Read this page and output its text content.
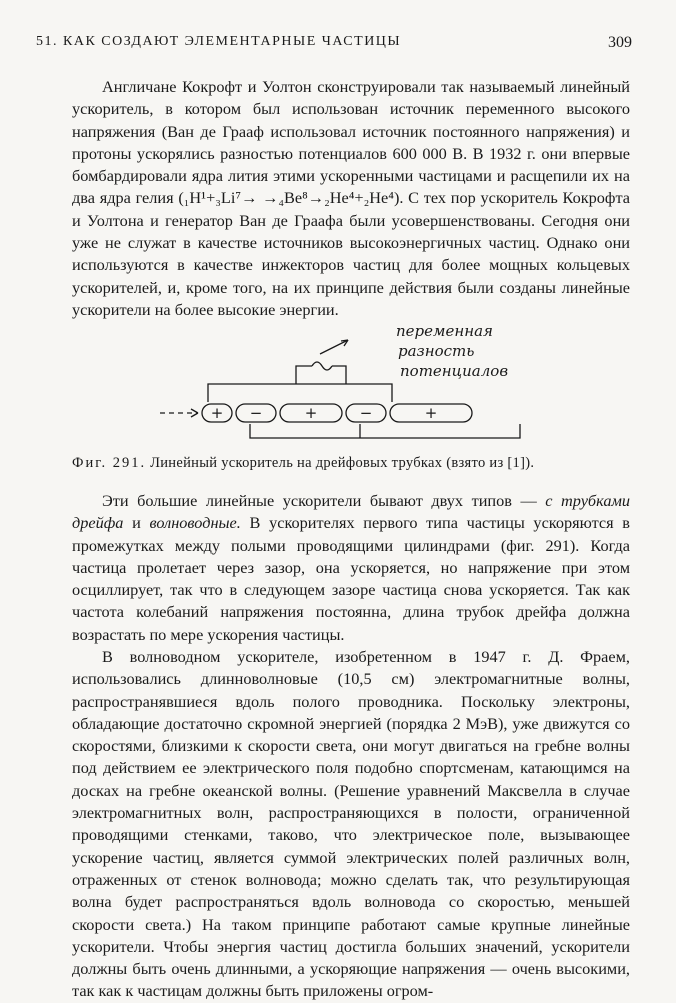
51. КАК СОЗДАЮТ ЭЛЕМЕНТАРНЫЕ ЧАСТИЦЫ	309

Англичане Кокрофт и Уолтон сконструировали так называемый линейный ускоритель, в котором был использован источник переменного высокого напряжения (Ван де Грааф использовал источник постоянного напряжения) и протоны ускорялись разностью потенциалов 600 000 В. В 1932 г. они впервые бомбардировали ядра лития этими ускоренными частицами и расщепили их на два ядра гелия (₁H¹+₃Li⁷→ →₄Be⁸→₂He⁴+₂He⁴). С тех пор ускоритель Кокрофта и Уолтона и генератор Ван де Граафа были усовершенствованы. Сегодня они уже не служат в качестве источников высокоэнергичных частиц. Однако они используются в качестве инжекторов частиц для более мощных кольцевых ускорителей, и, кроме того, на их принципе действия были созданы линейные ускорители на более высокие энергии.

+ −	+	−	+
переменная
разность
потенциалов
Фиг. 291. Линейный ускоритель на дрейфовых трубках (взято из [1]).

Эти большие линейные ускорители бывают двух типов — с трубками дрейфа и волноводные. В ускорителях первого типа частицы ускоряются в промежутках между полыми проводящими цилиндрами (фиг. 291). Когда частица пролетает через зазор, она ускоряется, но напряжение при этом осциллирует, так что в следующем зазоре частица снова ускоряется. Так как частота колебаний напряжения постоянна, длина трубок дрейфа должна возрастать по мере ускорения частицы.

В волноводном ускорителе, изобретенном в 1947 г. Д. Фраем, использовались длинноволновые (10,5 см) электромагнитные волны, распространявшиеся вдоль полого проводника. Поскольку электроны, обладающие достаточно скромной энергией (порядка 2 МэВ), уже движутся со скоростями, близкими к скорости света, они могут двигаться на гребне волны под действием ее электрического поля подобно спортсменам, катающимся на досках на гребне океанской волны. (Решение уравнений Максвелла в случае электромагнитных волн, распространяющихся в полости, ограниченной проводящими стенками, таково, что электрическое поле, вызывающее ускорение частиц, является суммой электрических полей различных волн, отраженных от стенок волновода; можно сделать так, что результирующая волна будет распространяться вдоль волновода со скоростью, меньшей скорости света.) На таком принципе работают самые крупные линейные ускорители. Чтобы энергия частиц достигла больших значений, ускорители должны быть очень длинными, а ускоряющие напряжения — очень высокими, так как к частицам должны быть приложены огром-
